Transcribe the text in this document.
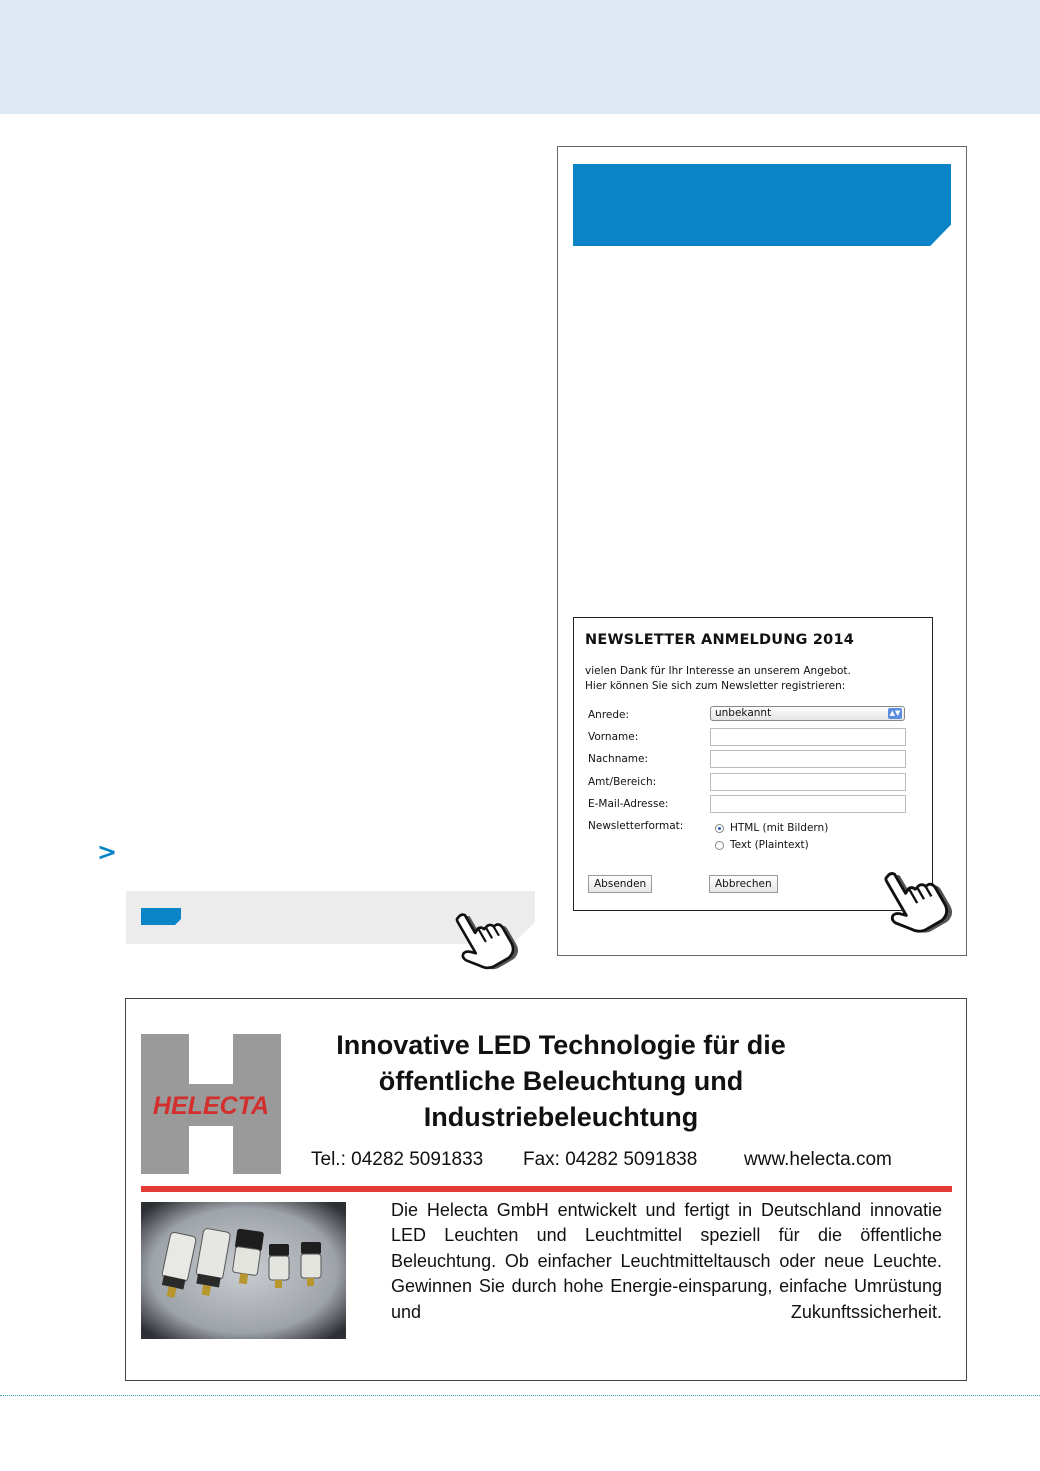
>
NEWSLETTER ANMELDUNG 2014
vielen Dank für Ihr Interesse an unserem Angebot.
Hier können Sie sich zum Newsletter registrieren:
Anrede:	unbekannt	▲▼
Vorname:
Nachname:
Amt/Bereich:
E-Mail-Adresse:
Newsletterformat:	HTML (mit Bildern)
Text (Plaintext)
Absenden	Abbrechen
HELECTA
Innovative LED Technologie für die
öffentliche Beleuchtung und
Industriebeleuchtung
Tel.: 04282 5091833 Fax: 04282 5091838 www.helecta.com
Die Helecta GmbH entwickelt und fertigt in Deutschland innovatie LED Leuchten und Leuchtmittel speziell für die öffentliche Beleuchtung. Ob einfacher Leuchtmitteltausch oder neue Leuchte. Gewinnen Sie durch hohe Energie-einsparung, einfache Umrüstung und Zukunftssicherheit.
